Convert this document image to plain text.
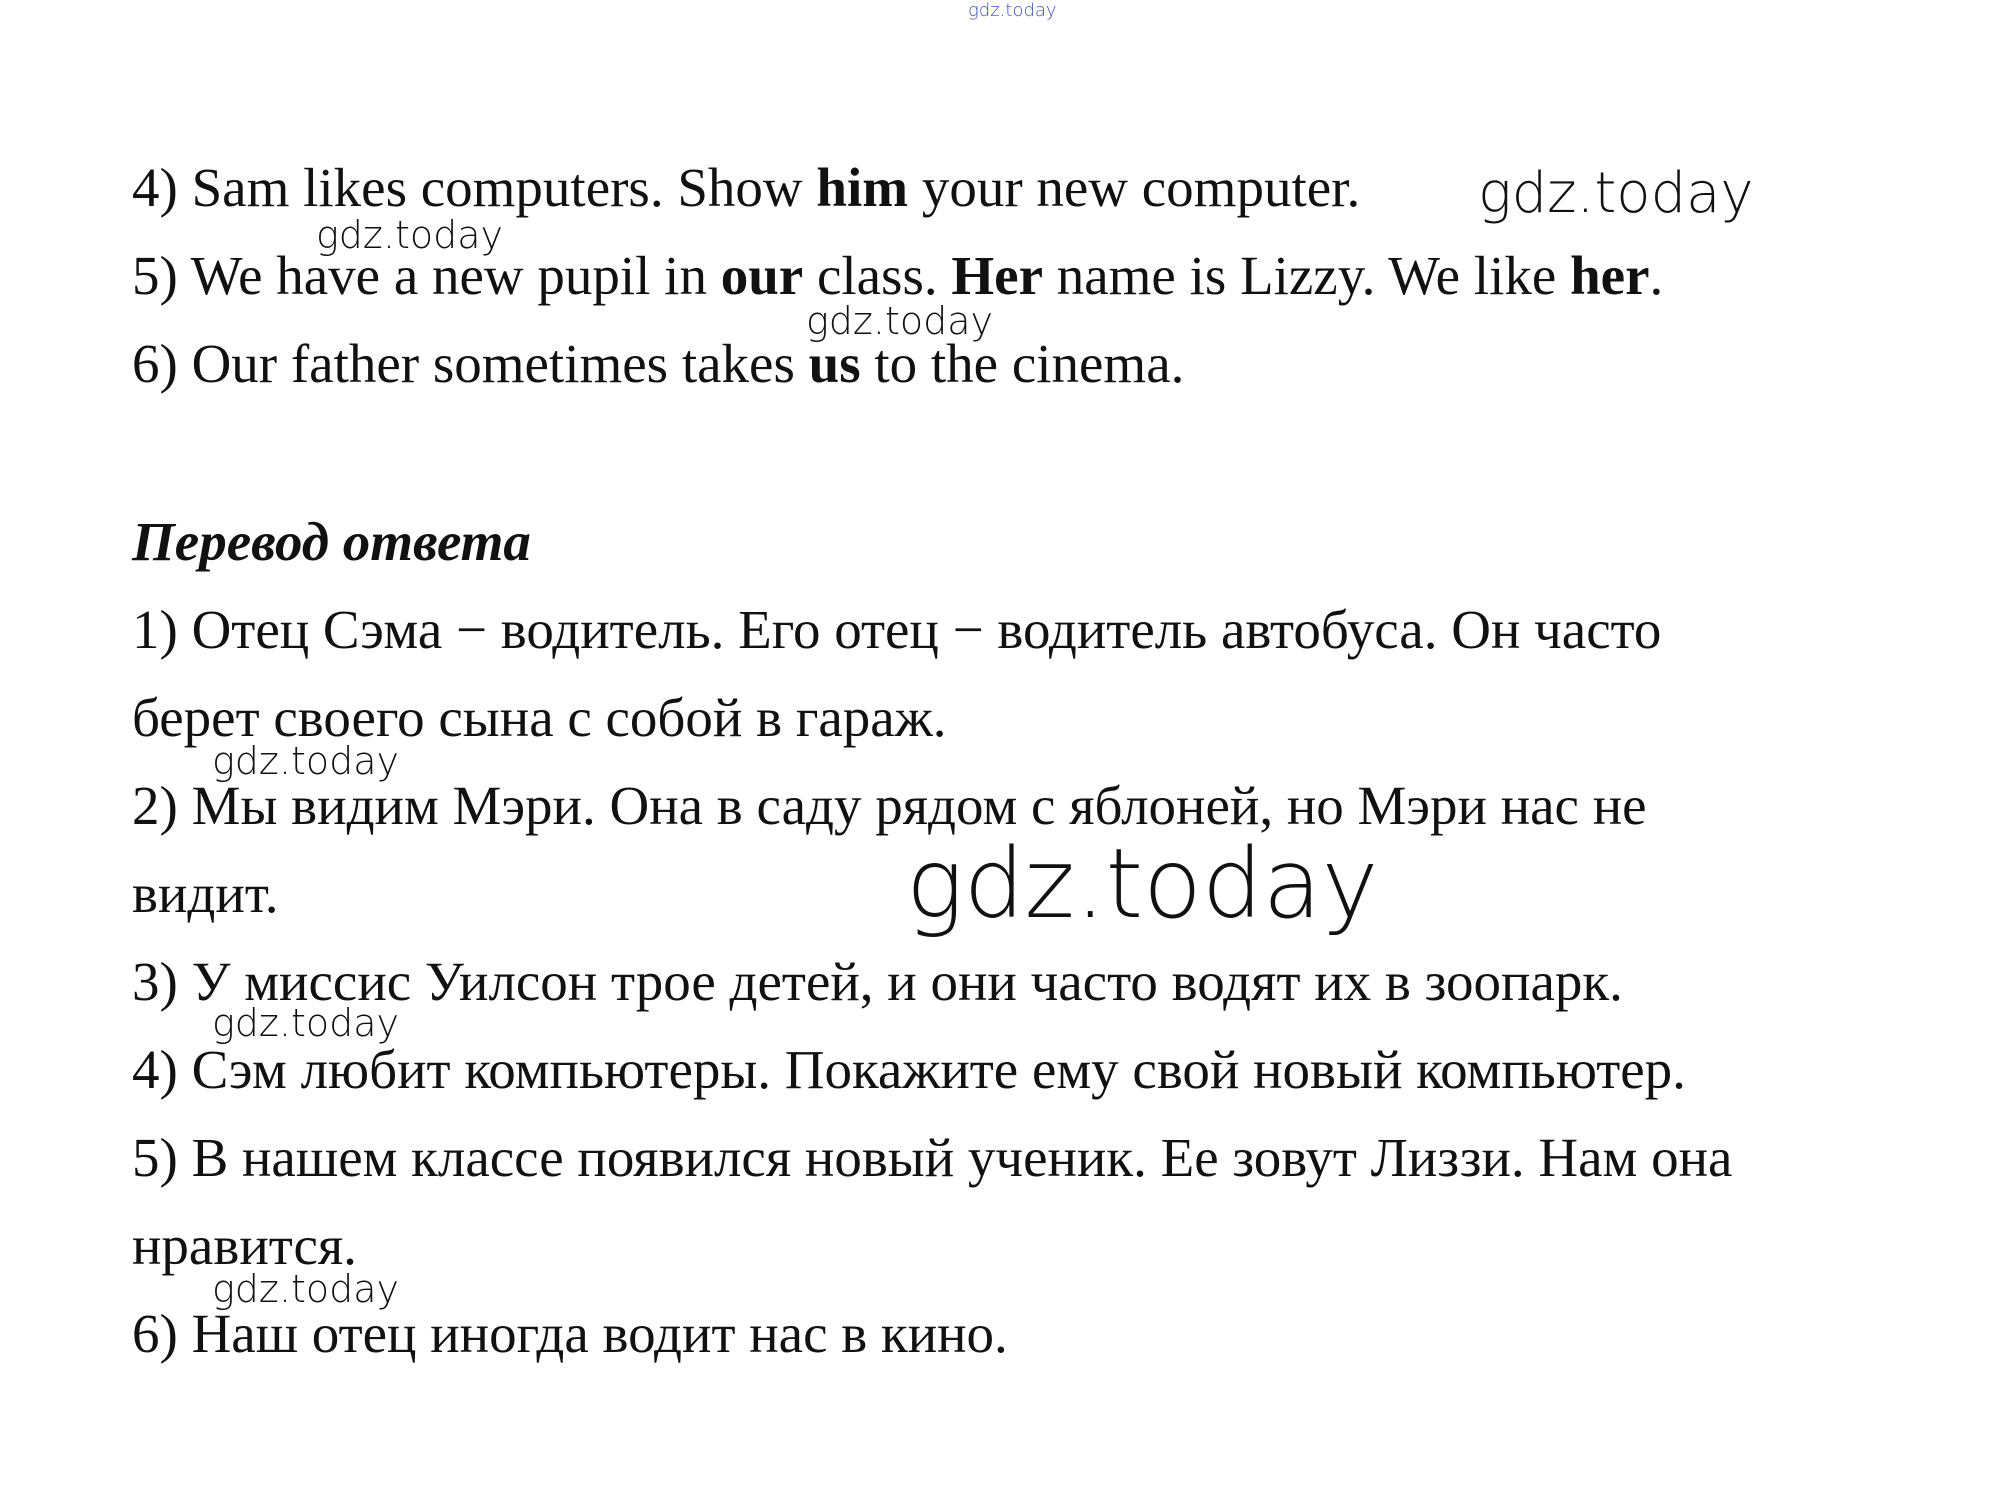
gdz.today
gdz.today
gdz.today
gdz.today
gdz.today
gdz.today
gdz.today
gdz.today
4) Sam likes computers. Show him your new computer.
5) We have a new pupil in our class. Her name is Lizzy. We like her.
6) Our father sometimes takes us to the cinema.
Перевод ответа
1) Отец Сэма − водитель. Его отец − водитель автобуса. Он часто
берет своего сына с собой в гараж.
2) Мы видим Мэри. Она в саду рядом с яблоней, но Мэри нас не
видит.
3) У миссис Уилсон трое детей, и они часто водят их в зоопарк.
4) Сэм любит компьютеры. Покажите ему свой новый компьютер.
5) В нашем классе появился новый ученик. Ее зовут Лиззи. Нам она
нравится.
6) Наш отец иногда водит нас в кино.
